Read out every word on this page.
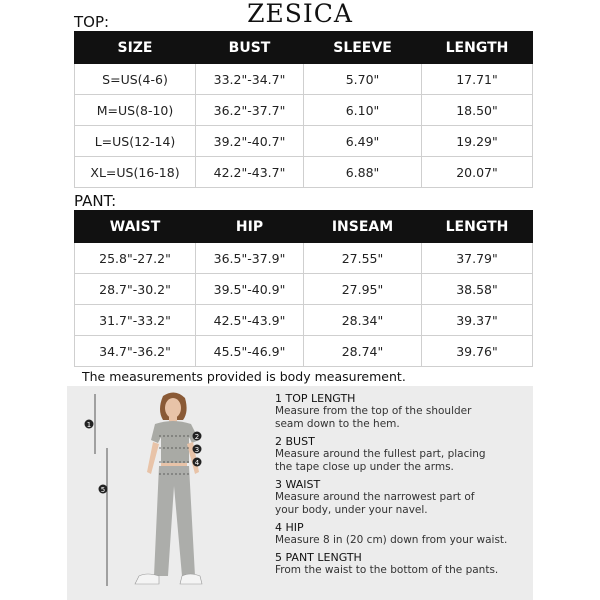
ZESICA
TOP:
SIZE	BUST	SLEEVE	LENGTH
S=US(4-6)	33.2"-34.7"	5.70"	17.71"
M=US(8-10)	36.2"-37.7"	6.10"	18.50"
L=US(12-14)	39.2"-40.7"	6.49"	19.29"
XL=US(16-18)	42.2"-43.7"	6.88"	20.07"
PANT:
WAIST	HIP	INSEAM	LENGTH
25.8"-27.2"	36.5"-37.9"	27.55"	37.79"
28.7"-30.2"	39.5"-40.9"	27.95"	38.58"
31.7"-33.2"	42.5"-43.9"	28.34"	39.37"
34.7"-36.2"	45.5"-46.9"	28.74"	39.76"
The measurements provided is body measurement.
1
2
3
4
5
1 TOP LENGTH
Measure from the top of the shoulder
seam down to the hem.
2 BUST
Measure around the fullest part, placing
the tape close up under the arms.
3 WAIST
Measure around the narrowest part of
your body, under your navel.
4 HIP
Measure 8 in (20 cm) down from your waist.
5 PANT LENGTH
From the waist to the bottom of the pants.
